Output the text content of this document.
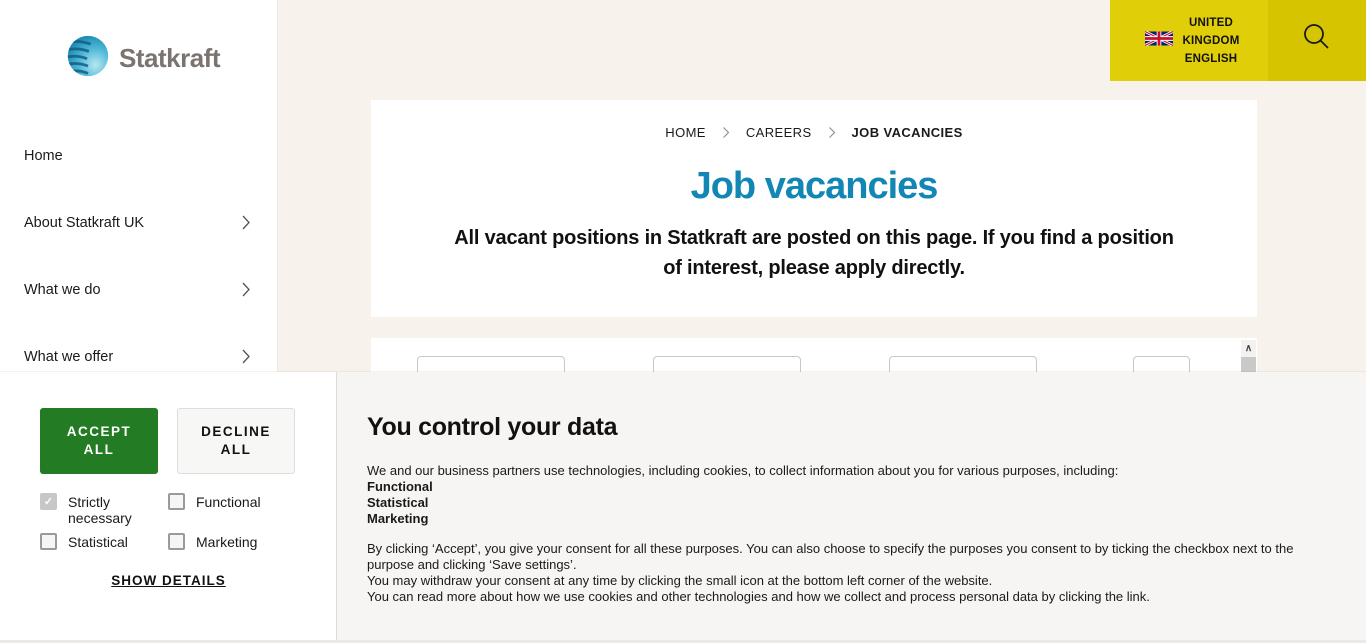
Statkraft
Home
About Statkraft UK
What we do
What we offer
UNITED
KINGDOM
ENGLISH
HOME	CAREERS	JOB VACANCIES
Job vacancies
All vacant positions in Statkraft are posted on this page. If you find a position of interest, please apply directly.
∧
ACCEPT ALL
DECLINE ALL
✓ Strictly necessary
Functional
Statistical	Marketing
SHOW DETAILS
You control your data

We and our business partners use technologies, including cookies, to collect information about you for various purposes, including:

Functional

Statistical

Marketing

By clicking ‘Accept’, you give your consent for all these purposes. You can also choose to specify the purposes you consent to by ticking the checkbox next to the purpose and clicking ‘Save settings’.

You may withdraw your consent at any time by clicking the small icon at the bottom left corner of the website.

You can read more about how we use cookies and other technologies and how we collect and process personal data by clicking the link.
